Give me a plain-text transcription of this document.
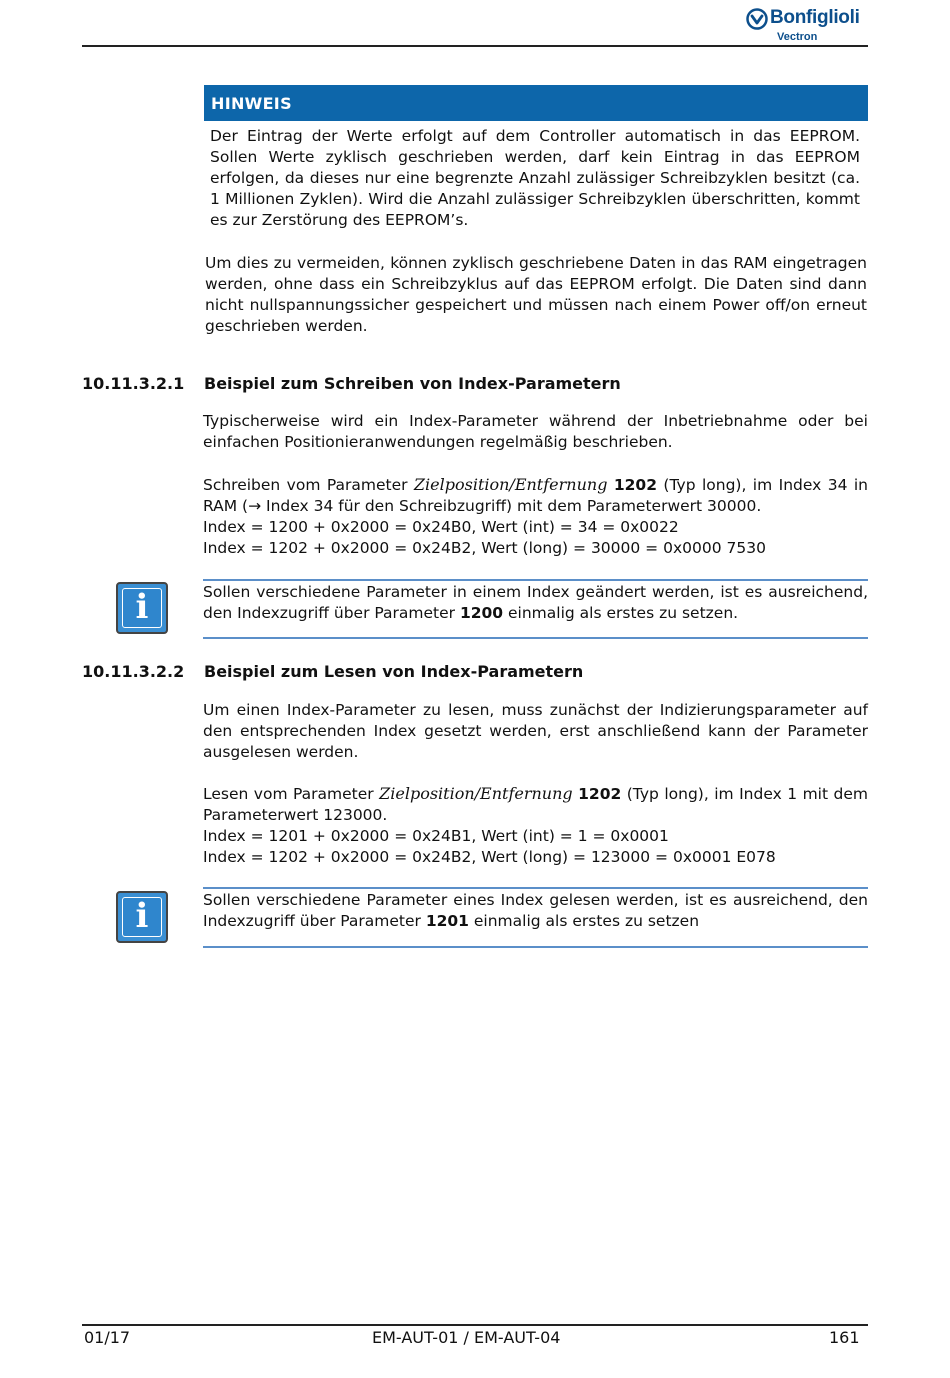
Bonfiglioli
Vectron
HINWEIS

Der Eintrag der Werte erfolgt auf dem Controller automatisch in das EEPROM. Sollen Werte zyklisch geschrieben werden, darf kein Eintrag in das EEPROM erfolgen, da dieses nur eine begrenzte Anzahl zulässiger Schreibzyklen besitzt (ca. 1 Millionen Zyklen). Wird die Anzahl zulässiger Schreibzyklen überschritten, kommt es zur Zerstörung des EEPROM’s.

Um dies zu vermeiden, können zyklisch geschriebene Daten in das RAM eingetragen werden, ohne dass ein Schreibzyklus auf das EEPROM erfolgt. Die Daten sind dann nicht nullspannungssicher gespeichert und müssen nach einem Power off/on erneut geschrieben werden.

10.11.3.2.1 Beispiel zum Schreiben von Index-Parametern

Typischerweise wird ein Index-Parameter während der Inbetriebnahme oder bei einfachen Positionieranwendungen regelmäßig beschrieben.

Schreiben vom Parameter Zielposition/Entfernung 1202 (Typ long), im Index 34 in RAM (→ Index 34 für den Schreibzugriff) mit dem Parameterwert 30000.

Index = 1200 + 0x2000 = 0x24B0, Wert (int) = 34 = 0x0022

Index = 1202 + 0x2000 = 0x24B2, Wert (long) = 30000 = 0x0000 7530

i	Sollen verschiedene Parameter in einem Index geändert werden, ist es ausreichend, den Indexzugriff über Parameter 1200 einmalig als erstes zu setzen.

10.11.3.2.2 Beispiel zum Lesen von Index-Parametern

Um einen Index-Parameter zu lesen, muss zunächst der Indizierungsparameter auf den entsprechenden Index gesetzt werden, erst anschließend kann der Parameter ausgelesen werden.

Lesen vom Parameter Zielposition/Entfernung 1202 (Typ long), im Index 1 mit dem Parameterwert 123000.

Index = 1201 + 0x2000 = 0x24B1, Wert (int) = 1 = 0x0001

Index = 1202 + 0x2000 = 0x24B2, Wert (long) = 123000 = 0x0001 E078

i	Sollen verschiedene Parameter eines Index gelesen werden, ist es ausreichend, den Indexzugriff über Parameter 1201 einmalig als erstes zu setzen

01/17	EM-AUT-01 / EM-AUT-04	161
